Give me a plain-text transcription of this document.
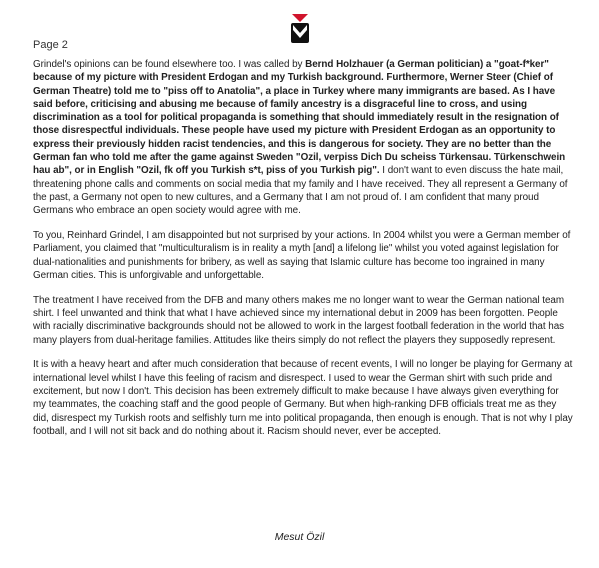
Page 2

Grindel's opinions can be found elsewhere too. I was called by Bernd Holzhauer (a German politician) a "goat-f*ker" because of my picture with President Erdogan and my Turkish background. Furthermore, Werner Steer (Chief of German Theatre) told me to "piss off to Anatolia", a place in Turkey where many immigrants are based. As I have said before, criticising and abusing me because of family ancestry is a disgraceful line to cross, and using discrimination as a tool for political propaganda is something that should immediately result in the resignation of those disrespectful individuals. These people have used my picture with President Erdogan as an opportunity to express their previously hidden racist tendencies, and this is dangerous for society. They are no better than the German fan who told me after the game against Sweden "Ozil, verpiss Dich Du scheiss Türkensau. Türkenschwein hau ab", or in English "Ozil, fk off you Turkish s*t, piss of you Turkish pig". I don't want to even discuss the hate mail, threatening phone calls and comments on social media that my family and I have received. They all represent a Germany of the past, a Germany not open to new cultures, and a Germany that I am not proud of. I am confident that many proud Germans who embrace an open society would agree with me.

To you, Reinhard Grindel, I am disappointed but not surprised by your actions. In 2004 whilst you were a German member of Parliament, you claimed that "multiculturalism is in reality a myth [and] a lifelong lie" whilst you voted against legislation for dual-nationalities and punishments for bribery, as well as saying that Islamic culture has become too ingrained in many German cities. This is unforgivable and unforgettable.

The treatment I have received from the DFB and many others makes me no longer want to wear the German national team shirt. I feel unwanted and think that what I have achieved since my international debut in 2009 has been forgotten. People with racially discriminative backgrounds should not be allowed to work in the largest football federation in the world that has many players from dual-heritage families. Attitudes like theirs simply do not reflect the players they supposedly represent.

It is with a heavy heart and after much consideration that because of recent events, I will no longer be playing for Germany at international level whilst I have this feeling of racism and disrespect. I used to wear the German shirt with such pride and excitement, but now I don't. This decision has been extremely difficult to make because I have always given everything for my teammates, the coaching staff and the good people of Germany. But when high-ranking DFB officials treat me as they did, disrespect my Turkish roots and selfishly turn me into political propaganda, then enough is enough. That is not why I play football, and I will not sit back and do nothing about it. Racism should never, ever be accepted.

Mesut Özil
